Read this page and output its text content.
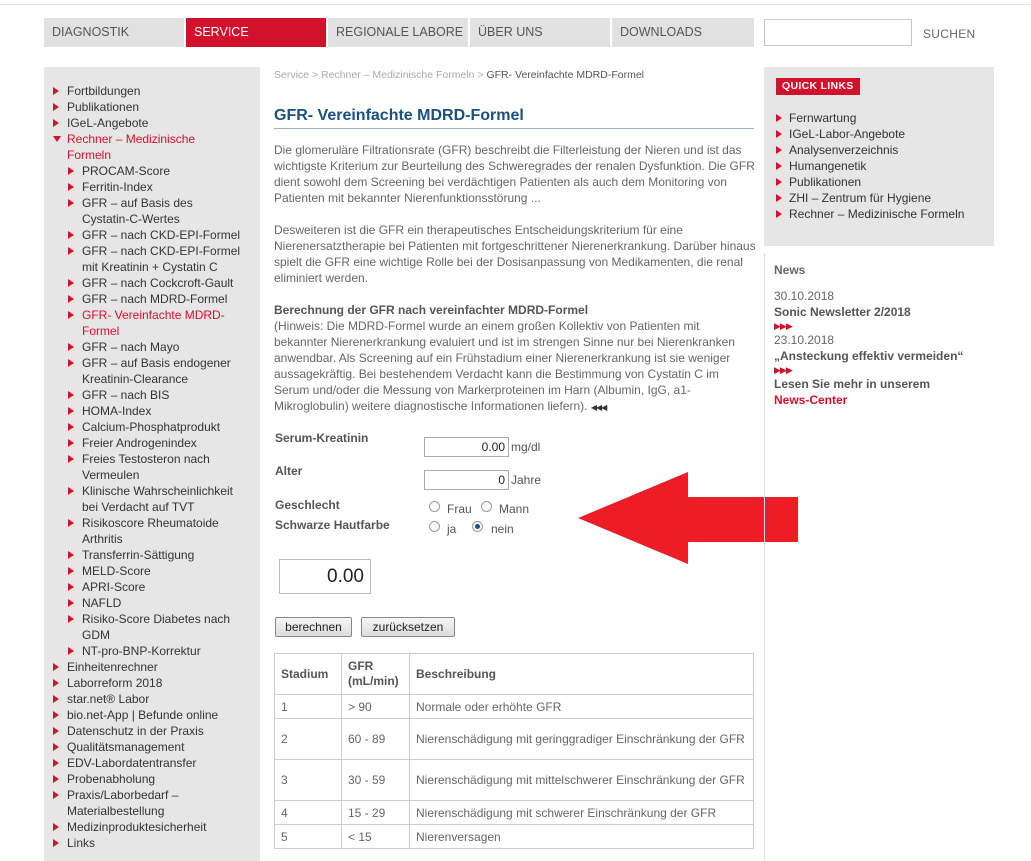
DIAGNOSTIK	SERVICE	REGIONALE LABORE	ÜBER UNS	DOWNLOADS	SUCHEN
Fortbildungen
Publikationen
IGeL-Angebote
Rechner – Medizinische Formeln
PROCAM-Score
Ferritin-Index
GFR – auf Basis des Cystatin-C-Wertes
GFR – nach CKD-EPI-Formel
GFR – nach CKD-EPI-Formel mit Kreatinin + Cystatin C
GFR – nach Cockcroft-Gault
GFR – nach MDRD-Formel
GFR- Vereinfachte MDRD-Formel
GFR – nach Mayo
GFR – auf Basis endogener Kreatinin-Clearance
GFR – nach BIS
HOMA-Index
Calcium-Phosphatprodukt
Freier Androgenindex
Freies Testosteron nach Vermeulen
Klinische Wahrscheinlichkeit bei Verdacht auf TVT
Risikoscore Rheumatoide Arthritis
Transferrin-Sättigung
MELD-Score
APRI-Score
NAFLD
Risiko-Score Diabetes nach GDM
NT-pro-BNP-Korrektur
Einheitenrechner
Laborreform 2018
star.net® Labor
bio.net-App | Befunde online
Datenschutz in der Praxis
Qualitätsmanagement
EDV-Labordatentransfer
Probenabholung
Praxis/Laborbedarf – Materialbestellung
Medizinproduktesicherheit
Links
Service > Rechner – Medizinische Formeln > GFR- Vereinfachte MDRD-Formel
GFR- Vereinfachte MDRD-Formel
Die glomeruläre Filtrationsrate (GFR) beschreibt die Filterleistung der Nieren und ist das wichtigste Kriterium zur Beurteilung des Schweregrades der renalen Dysfunktion. Die GFR dient sowohl dem Screening bei verdächtigen Patienten als auch dem Monitoring von Patienten mit bekannter Nierenfunktionsstörung ...
Desweiteren ist die GFR ein therapeutisches Entscheidungskriterium für eine Nierenersatztherapie bei Patienten mit fortgeschrittener Nierenerkrankung. Darüber hinaus spielt die GFR eine wichtige Rolle bei der Dosisanpassung von Medikamenten, die renal eliminiert werden.
Berechnung der GFR nach vereinfachter MDRD-Formel
(Hinweis: Die MDRD-Formel wurde an einem großen Kollektiv von Patienten mit bekannter Nierenerkrankung evaluiert und ist im strengen Sinne nur bei Nierenkranken anwendbar. Als Screening auf ein Frühstadium einer Nierenerkrankung ist sie weniger aussagekräftig. Bei bestehendem Verdacht kann die Bestimmung von Cystatin C im Serum und/oder die Messung von Markerproteinen im Harn (Albumin, IgG, a1-Mikroglobulin) weitere diagnostische Informationen liefern). ◀◀◀
Serum-Kreatinin
0.00 mg/dl
Alter
0 Jahre
Geschlecht	Frau Mann
Schwarze Hautfarbe	ja	nein
0.00
berechnen	zurücksetzen
Stadium	GFR (mL/min)	Beschreibung
1	> 90	Normale oder erhöhte GFR
2	60 - 89	Nierenschädigung mit geringgradiger Einschränkung der GFR
3	30 - 59	Nierenschädigung mit mittelschwerer Einschränkung der GFR
4	15 - 29	Nierenschädigung mit schwerer Einschränkung der GFR
5	< 15	Nierenversagen
QUICK LINKS
Fernwartung
IGeL-Labor-Angebote
Analysenverzeichnis
Humangenetik
Publikationen
ZHI – Zentrum für Hygiene
Rechner – Medizinische Formeln
News
30.10.2018
Sonic Newsletter 2/2018
▶▶▶
23.10.2018
„Ansteckung effektiv vermeiden“
▶▶▶
Lesen Sie mehr in unserem
News-Center
